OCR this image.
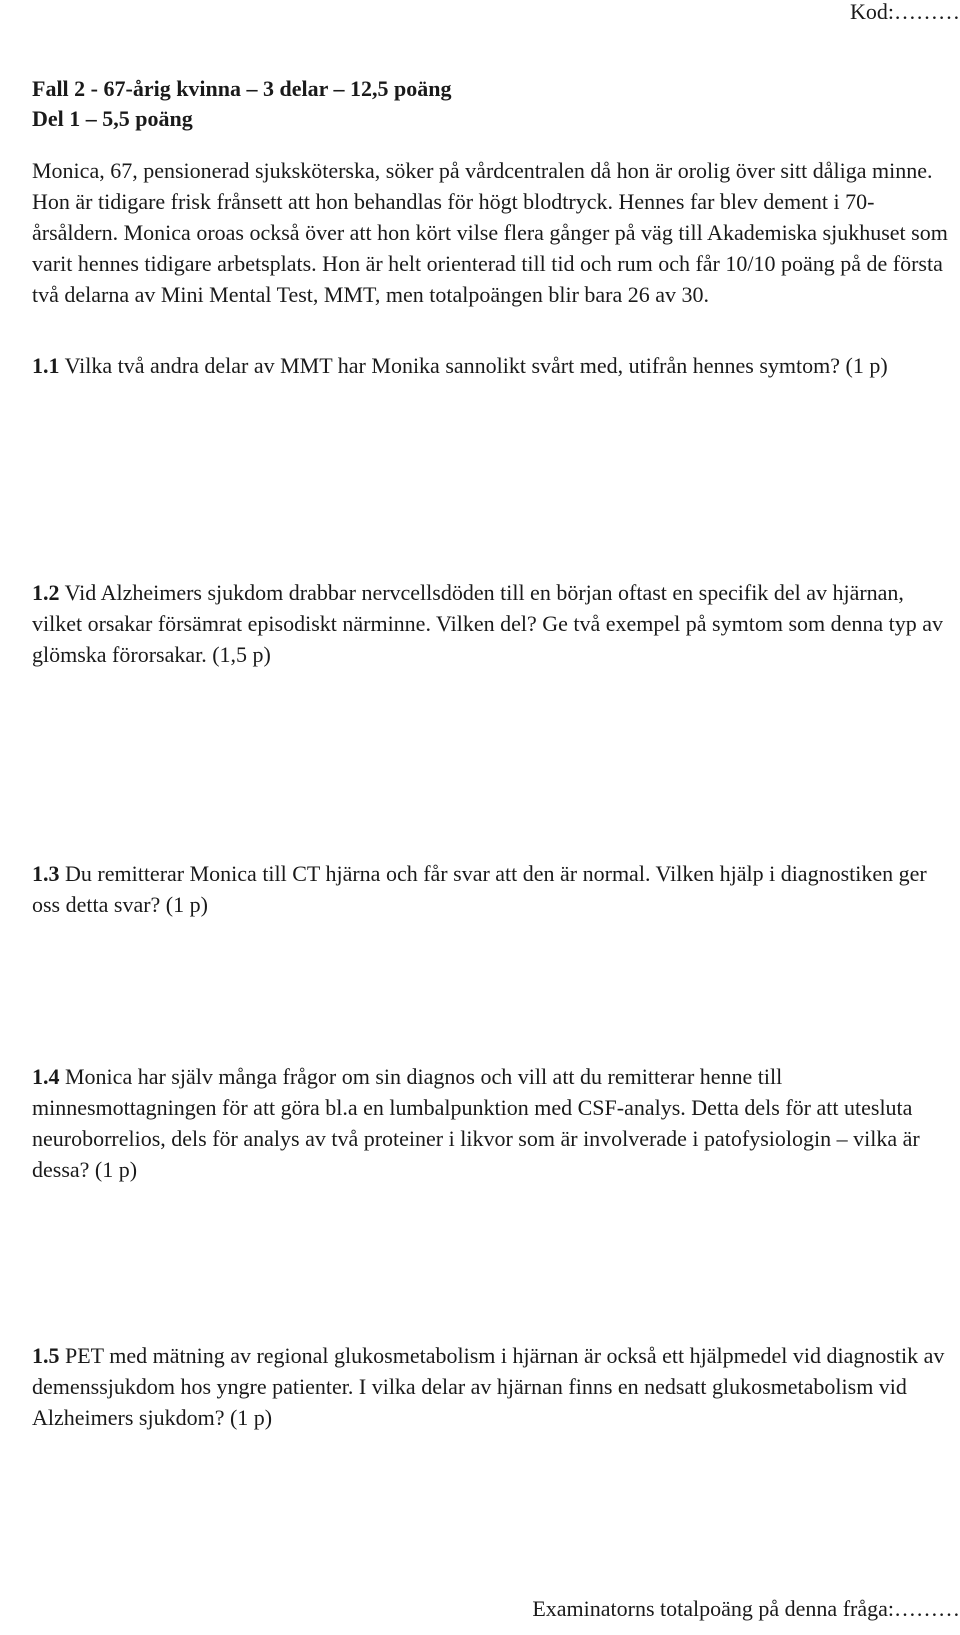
Kod:………
Fall 2 - 67-årig kvinna – 3 delar – 12,5 poäng
Del 1 – 5,5 poäng

Monica, 67, pensionerad sjuksköterska, söker på vårdcentralen då hon är orolig över sitt dåliga minne. Hon är tidigare frisk frånsett att hon behandlas för högt blodtryck. Hennes far blev dement i 70-årsåldern. Monica oroas också över att hon kört vilse flera gånger på väg till Akademiska sjukhuset som varit hennes tidigare arbetsplats. Hon är helt orienterad till tid och rum och får 10/10 poäng på de första två delarna av Mini Mental Test, MMT, men totalpoängen blir bara 26 av 30.

1.1 Vilka två andra delar av MMT har Monika sannolikt svårt med, utifrån hennes symtom? (1 p)

1.2 Vid Alzheimers sjukdom drabbar nervcellsdöden till en början oftast en specifik del av hjärnan, vilket orsakar försämrat episodiskt närminne. Vilken del? Ge två exempel på symtom som denna typ av glömska förorsakar. (1,5 p)

1.3 Du remitterar Monica till CT hjärna och får svar att den är normal. Vilken hjälp i diagnostiken ger oss detta svar? (1 p)

1.4 Monica har själv många frågor om sin diagnos och vill att du remitterar henne till minnesmottagningen för att göra bl.a en lumbalpunktion med CSF-analys. Detta dels för att utesluta neuroborrelios, dels för analys av två proteiner i likvor som är involverade i patofysiologin – vilka är dessa? (1 p)

1.5 PET med mätning av regional glukosmetabolism i hjärnan är också ett hjälpmedel vid diagnostik av demenssjukdom hos yngre patienter. I vilka delar av hjärnan finns en nedsatt glukosmetabolism vid Alzheimers sjukdom? (1 p)

Examinatorns totalpoäng på denna fråga:………
